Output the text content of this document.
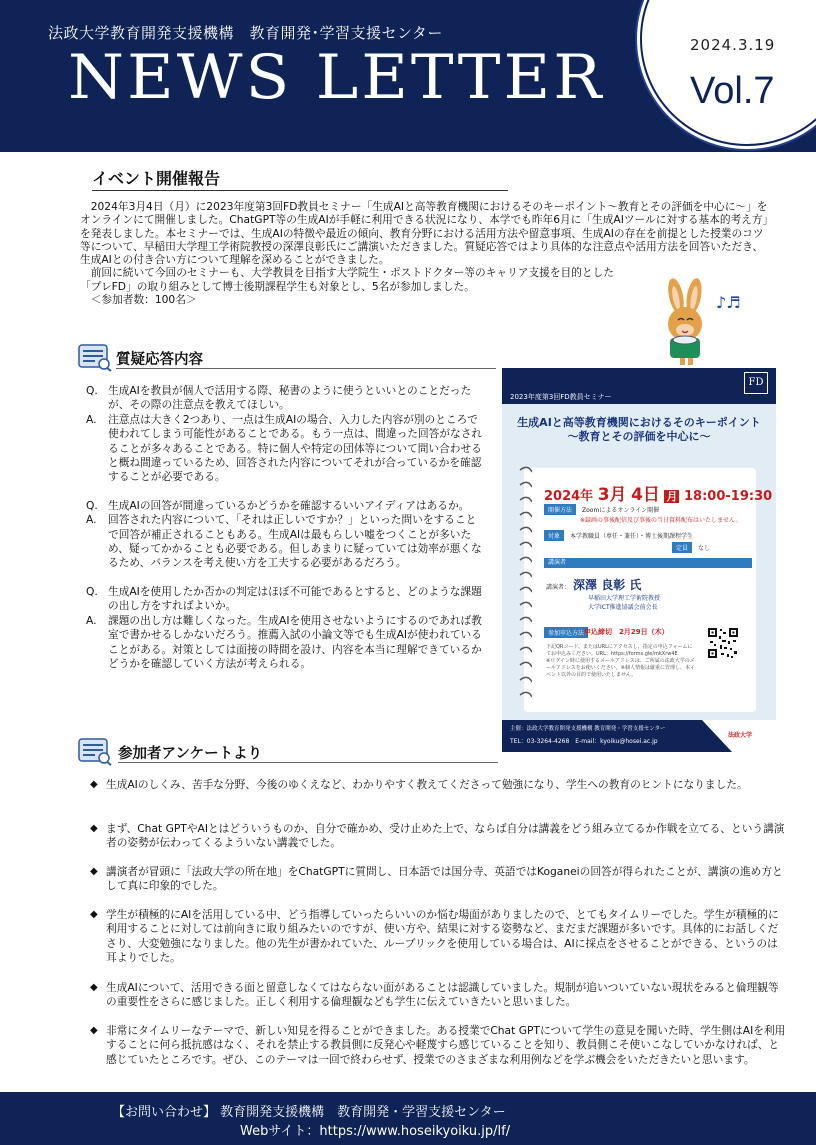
法政大学教育開発支援機構　教育開発･学習支援センター
NEWS LETTER	2024.3.19
Vol.7
イベント開催報告

2024年3月4日（月）に2023年度第3回FD教員セミナー「生成AIと高等教育機関におけるそのキーポイント～教育とその評価を中心に～」をオンラインにて開催しました。ChatGPT等の生成AIが手軽に利用できる状況になり、本学でも昨年6月に「生成AIツールに対する基本的考え方」を発表しました。本セミナーでは、生成AIの特徴や最近の傾向、教育分野における活用方法や留意事項、生成AIの存在を前提とした授業のコツ等について、早稲田大学理工学術院教授の深澤良彰氏にご講演いただきました。質疑応答ではより具体的な注意点や活用方法を回答いただき、生成AIとの付き合い方について理解を深めることができました。

前回に続いて今回のセミナーも、大学教員を目指す大学院生・ポストドクター等のキャリア支援を目的とした「プレFD」の取り組みとして博士後期課程学生も対象とし、5名が参加しました。

＜参加者数：100名＞	♪♬
質疑応答内容

Q. 生成AIを教員が個人で活用する際、秘書のように使うといいとのことだったが、その際の注意点を教えてほしい。

A. 注意点は大きく2つあり、一点は生成AIの場合、入力した内容が別のところで使われてしまう可能性があることである。もう一点は、間違った回答がなされることが多々あることである。特に個人や特定の団体等について問い合わせると概ね間違っているため、回答された内容についてそれが合っているかを確認することが必要である。

Q. 生成AIの回答が間違っているかどうかを確認するいいアイディアはあるか。

A. 回答された内容について、「それは正しいですか？」といった問いをすることで回答が補正されることもある。生成AIは最もらしい嘘をつくことが多いため、疑ってかかることも必要である。但しあまりに疑っていては効率が悪くなるため、バランスを考え使い方を工夫する必要があるだろう。

Q. 生成AIを使用したか否かの判定はほぼ不可能であるとすると、どのような課題の出し方をすればよいか。

A. 課題の出し方は難しくなった。生成AIを使用させないようにするのであれば教室で書かせるしかないだろう。推薦入試の小論文等でも生成AIが使われていることがある。対策としては面接の時間を設け、内容を本当に理解できているかどうかを確認していく方法が考えられる。

2023年度第3回FD教員セミナー
FD
生成AIと高等教育機関におけるそのキーポイント
～教育とその評価を中心に～
2024年 3月 4日 月 18:00-19:30
開催方法 Zoomによるオンライン開催
※録画の事後配信及び事後の当日資料配布はいたしません。
対象 本学教職員（専任・兼任）・博士後期課程学生
定員 なし
講演者
講演者： 深澤 良彰 氏
早稲田大学理工学術院教授
大学ICT推進協議会前会長
参加申込方法 申込締切　2月29日（木）
下記QRコード、またはURLにアクセスし、指定の申込フォームにてお申込みください。URL：https://forms.gle/mkXrw4E
※ログイン時に使用するメールアドレスは、ご所属の法政大学のメールアドレスをお使いください。※個人情報は厳重に管理し、本イベント以外の目的で使用いたしません。
主催：法政大学教育開発支援機構 教育開発・学習支援センター
TEL：03-3264-4268　E-mail：kyoiku@hosei.ac.jp
法政大学
参加者アンケートより
◆ 生成AIのしくみ、苦手な分野、今後のゆくえなど、わかりやすく教えてくださって勉強になり、学生への教育のヒントになりました。
◆ まず、Chat GPTやAIとはどういうものか、自分で確かめ、受け止めた上で、ならば自分は講義をどう組み立てるか作戦を立てる、という講演者の姿勢が伝わってくるよういない講義でした。
◆ 講演者が冒頭に「法政大学の所在地」をChatGPTに質問し、日本語では国分寺、英語ではKoganeiの回答が得られたことが、講演の進め方として真に印象的でした。
◆ 学生が積極的にAIを活用している中、どう指導していったらいいのか悩む場面がありましたので、とてもタイムリーでした。学生が積極的に利用することに対しては前向きに取り組みたいのですが、使い方や、結果に対する姿勢など、まだまだ課題が多いです。具体的にお話しくださり、大変勉強になりました。他の先生が書かれていた、ルーブリックを使用している場合は、AIに採点をさせることができる、というのは耳よりでした。
◆ 生成AIについて、活用できる面と留意しなくてはならない面があることは認識していました。規制が追いついていない現状をみると倫理観等の重要性をさらに感じました。正しく利用する倫理観なども学生に伝えていきたいと思いました。
◆ 非常にタイムリーなテーマで、新しい知見を得ることができました。ある授業でChat GPTについて学生の意見を聞いた時、学生側はAIを利用することに何ら抵抗感はなく、それを禁止する教員側に反発心や軽蔑すら感じていることを知り、教員側こそ使いこなしていかなければ、と感じていたところです。ぜひ、このテーマは一回で終わらせず、授業でのさまざまな利用例などを学ぶ機会をいただきたいと思います。
【お問い合わせ】 教育開発支援機構　教育開発・学習支援センター
Webサイト：https://www.hoseikyoiku.jp/lf/
